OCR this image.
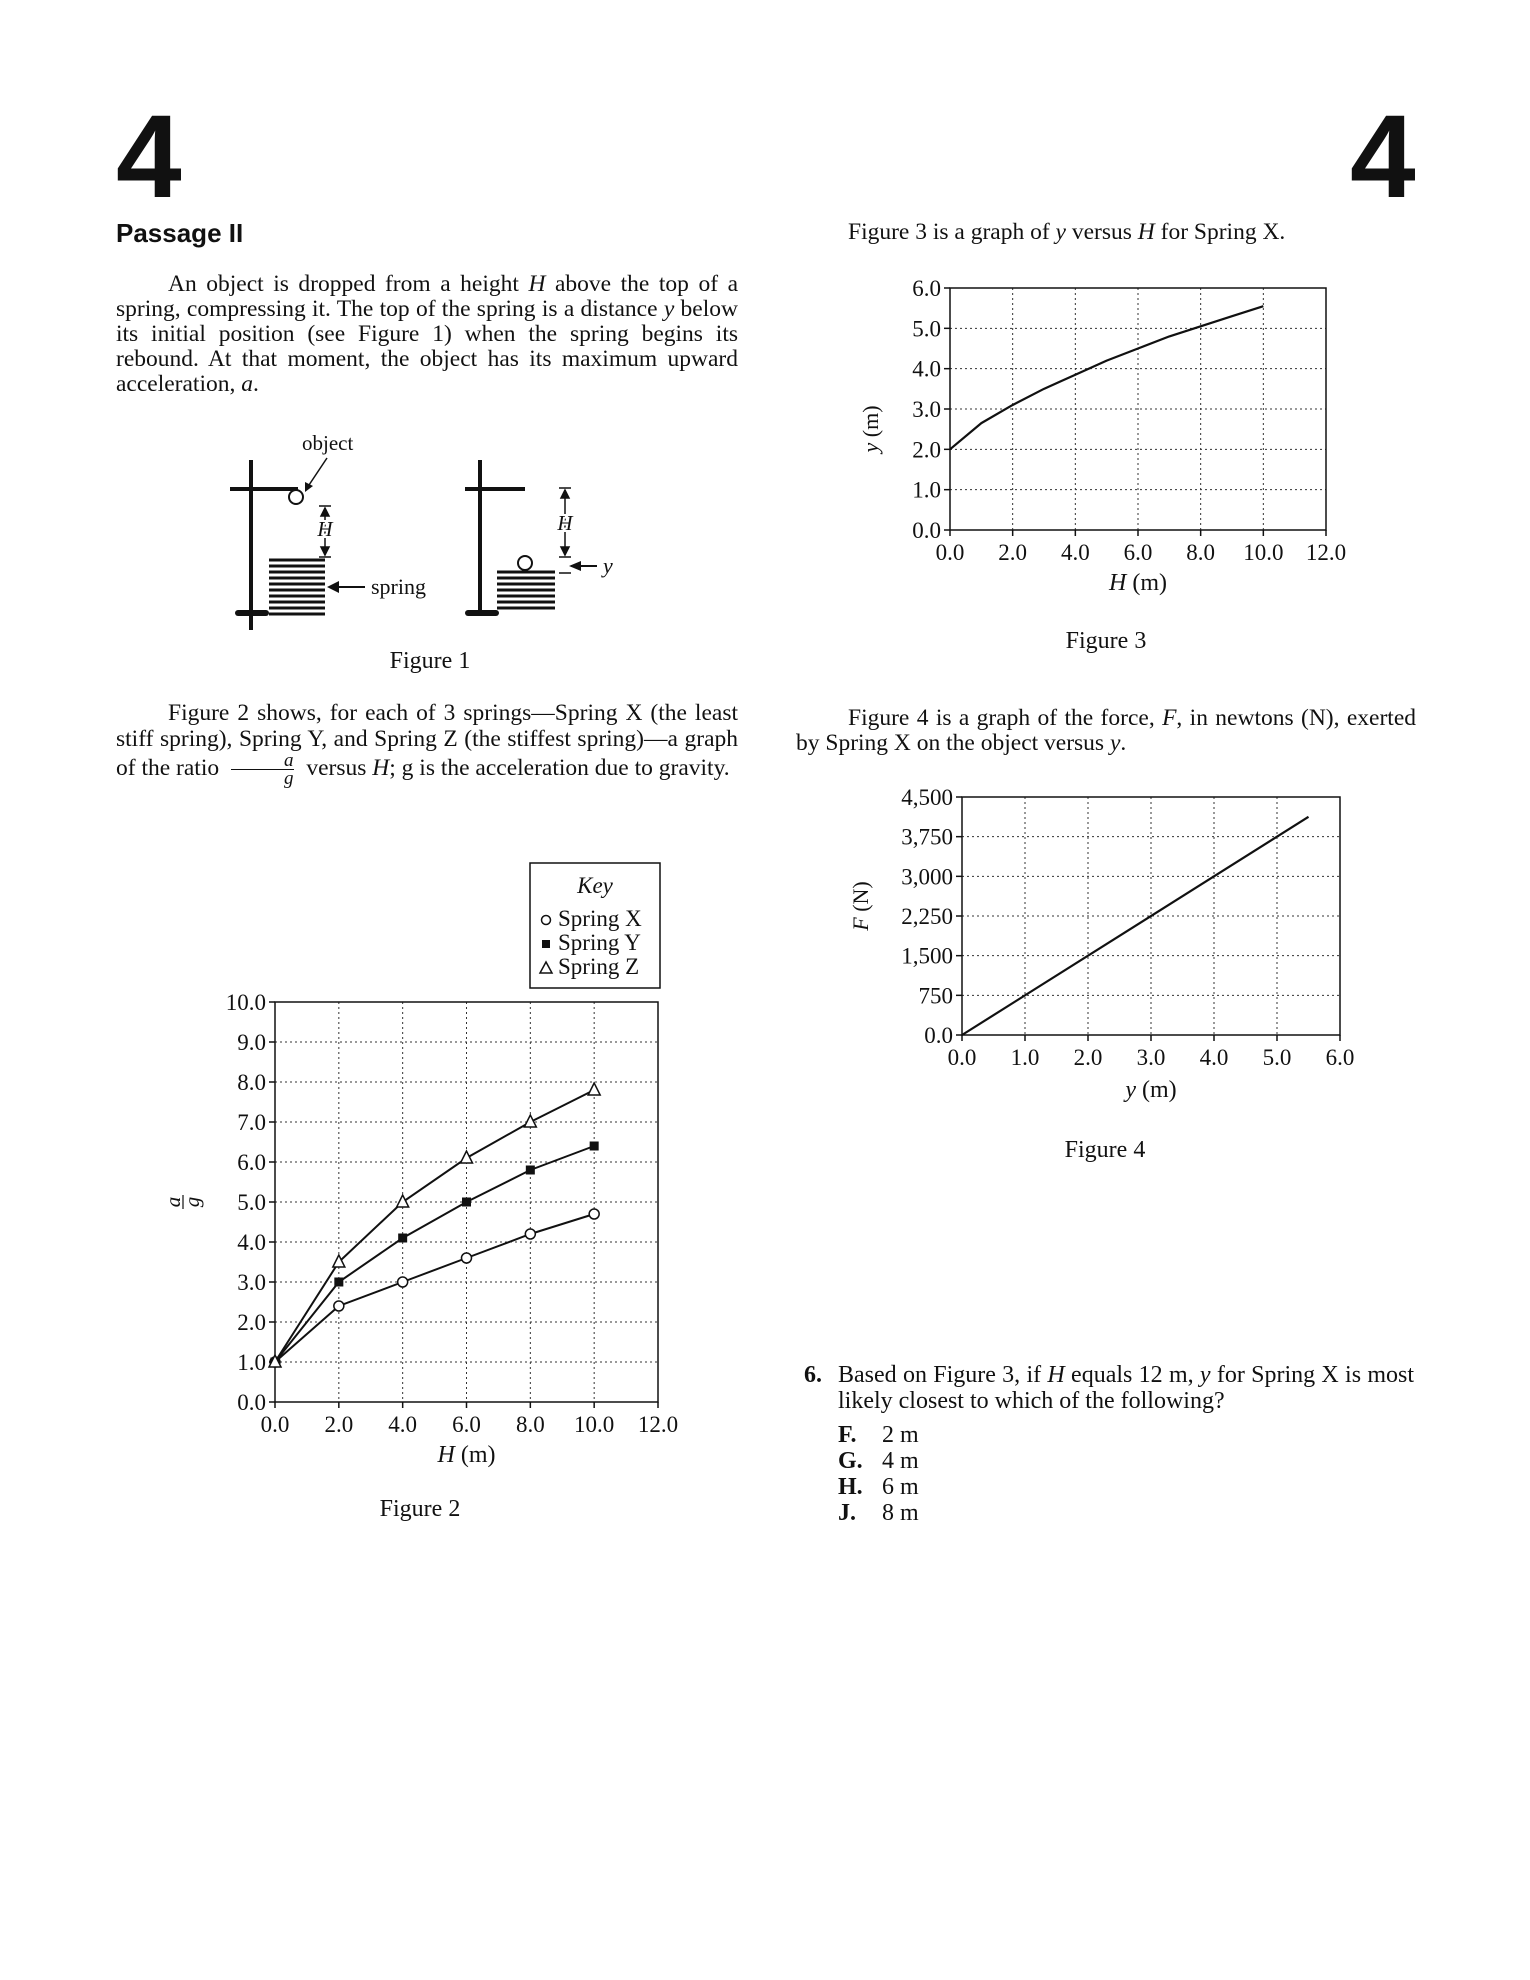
4	4
Passage II

An object is dropped from a height H above the top of a spring, compressing it. The top of the spring is a distance y below its initial position (see Figure 1) when the spring begins its rebound. At that moment, the object has its maximum upward acceleration, a.

H
object
spring
H
y
Figure 1

Figure 2 shows, for each of 3 springs—Spring X (the least stiff spring), Spring Y, and Spring Z (the stiffest spring)—a graph of the ratio $\frac{a}{g}$ versus H; g is the acceleration due to gravity.

0.0 2.0 4.0 6.0 8.0 10.0 12.0
0.0
1.0
2.0
3.0
4.0
5.0
6.0
7.0
8.0
9.0
10.0
H (m)
a
g
Key
Spring X
Spring Y
Spring Z
Figure 2

Figure 3 is a graph of y versus H for Spring X.

0.0 2.0 4.0 6.0 8.0 10.0 12.0
0.0
1.0
2.0
3.0
4.0
5.0
6.0
H (m)
y (m)
Figure 3

Figure 4 is a graph of the force, F, in newtons (N), exerted by Spring X on the object versus y.

0.0 1.0 2.0 3.0 4.0 5.0 6.0
0.0
750
1,500
2,250
3,000
3,750
4,500
y (m)
F (N)
Figure 4
6. Based on Figure 3, if H equals 12 m, y for Spring X is most likely closest to which of the following?
F. 2 m
G. 4 m
H. 6 m
J. 8 m
